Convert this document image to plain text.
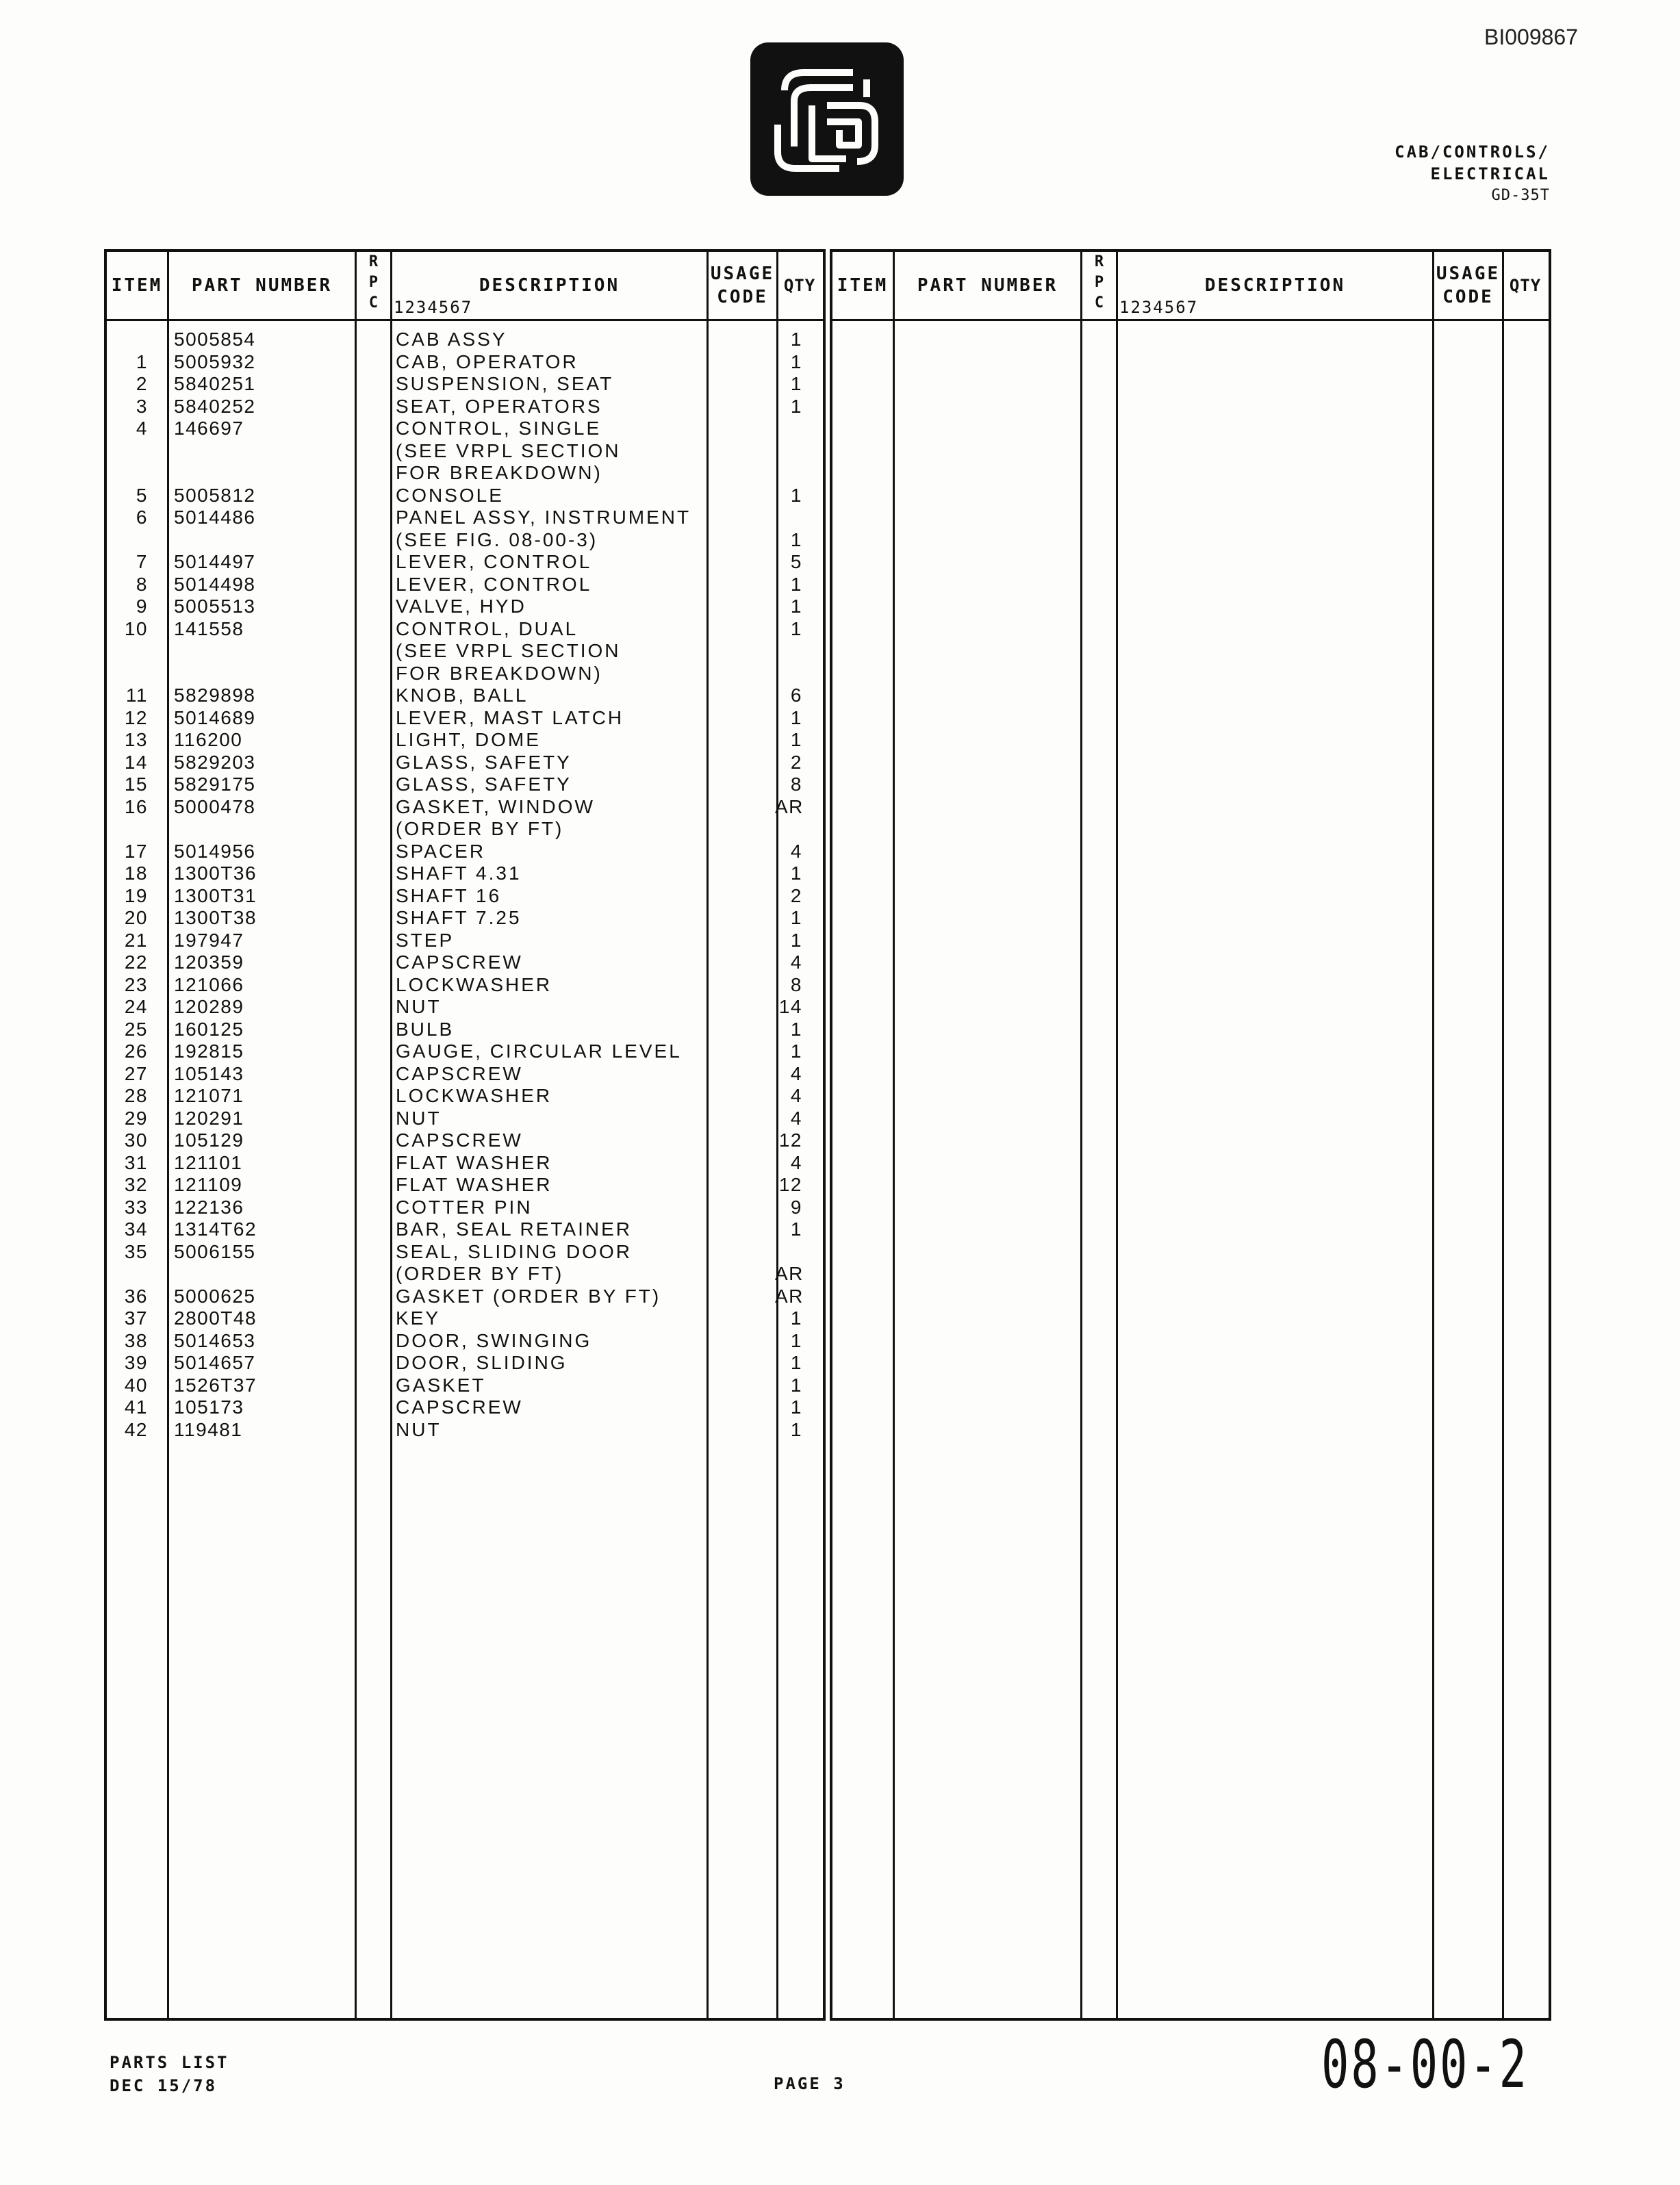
BI009867
CAB/CONTROLS/
ELECTRICAL
GD-35T
ITEM	PART NUMBER
R
P
C
DESCRIPTION
1234567
USAGE
CODE
QTY
5005854	CAB ASSY	1
1 5005932	CAB, OPERATOR	1
2 5840251	SUSPENSION, SEAT	1
3 5840252	SEAT, OPERATORS	1
4 146697	CONTROL, SINGLE
(SEE VRPL SECTION
FOR BREAKDOWN)
5 5005812	CONSOLE	1
6 5014486	PANEL ASSY, INSTRUMENT
(SEE FIG. 08-00-3)	1
7 5014497	LEVER, CONTROL	5
8 5014498	LEVER, CONTROL	1
9 5005513	VALVE, HYD	1
10 141558	CONTROL, DUAL	1
(SEE VRPL SECTION
FOR BREAKDOWN)
11 5829898	KNOB, BALL	6
12 5014689	LEVER, MAST LATCH	1
13 116200	LIGHT, DOME	1
14 5829203	GLASS, SAFETY	2
15 5829175	GLASS, SAFETY	8
16 5000478	GASKET, WINDOW	AR
(ORDER BY FT)
17 5014956	SPACER	4
18 1300T36	SHAFT 4.31	1
19 1300T31	SHAFT 16	2
20 1300T38	SHAFT 7.25	1
21 197947	STEP	1
22 120359	CAPSCREW	4
23 121066	LOCKWASHER	8
24 120289	NUT	14
25 160125	BULB	1
26 192815	GAUGE, CIRCULAR LEVEL	1
27 105143	CAPSCREW	4
28 121071	LOCKWASHER	4
29 120291	NUT	4
30 105129	CAPSCREW	12
31 121101	FLAT WASHER	4
32 121109	FLAT WASHER	12
33 122136	COTTER PIN	9
34 1314T62	BAR, SEAL RETAINER	1
35 5006155	SEAL, SLIDING DOOR
(ORDER BY FT)	AR
36 5000625	GASKET (ORDER BY FT)	AR
37 2800T48	KEY	1
38 5014653	DOOR, SWINGING	1
39 5014657	DOOR, SLIDING	1
40 1526T37	GASKET	1
41 105173	CAPSCREW	1
42 119481	NUT	1
ITEM	PART NUMBER
R
P
C
DESCRIPTION
1234567
USAGE
CODE
QTY
PARTS LIST
DEC 15/78	PAGE 3	08-00-2
